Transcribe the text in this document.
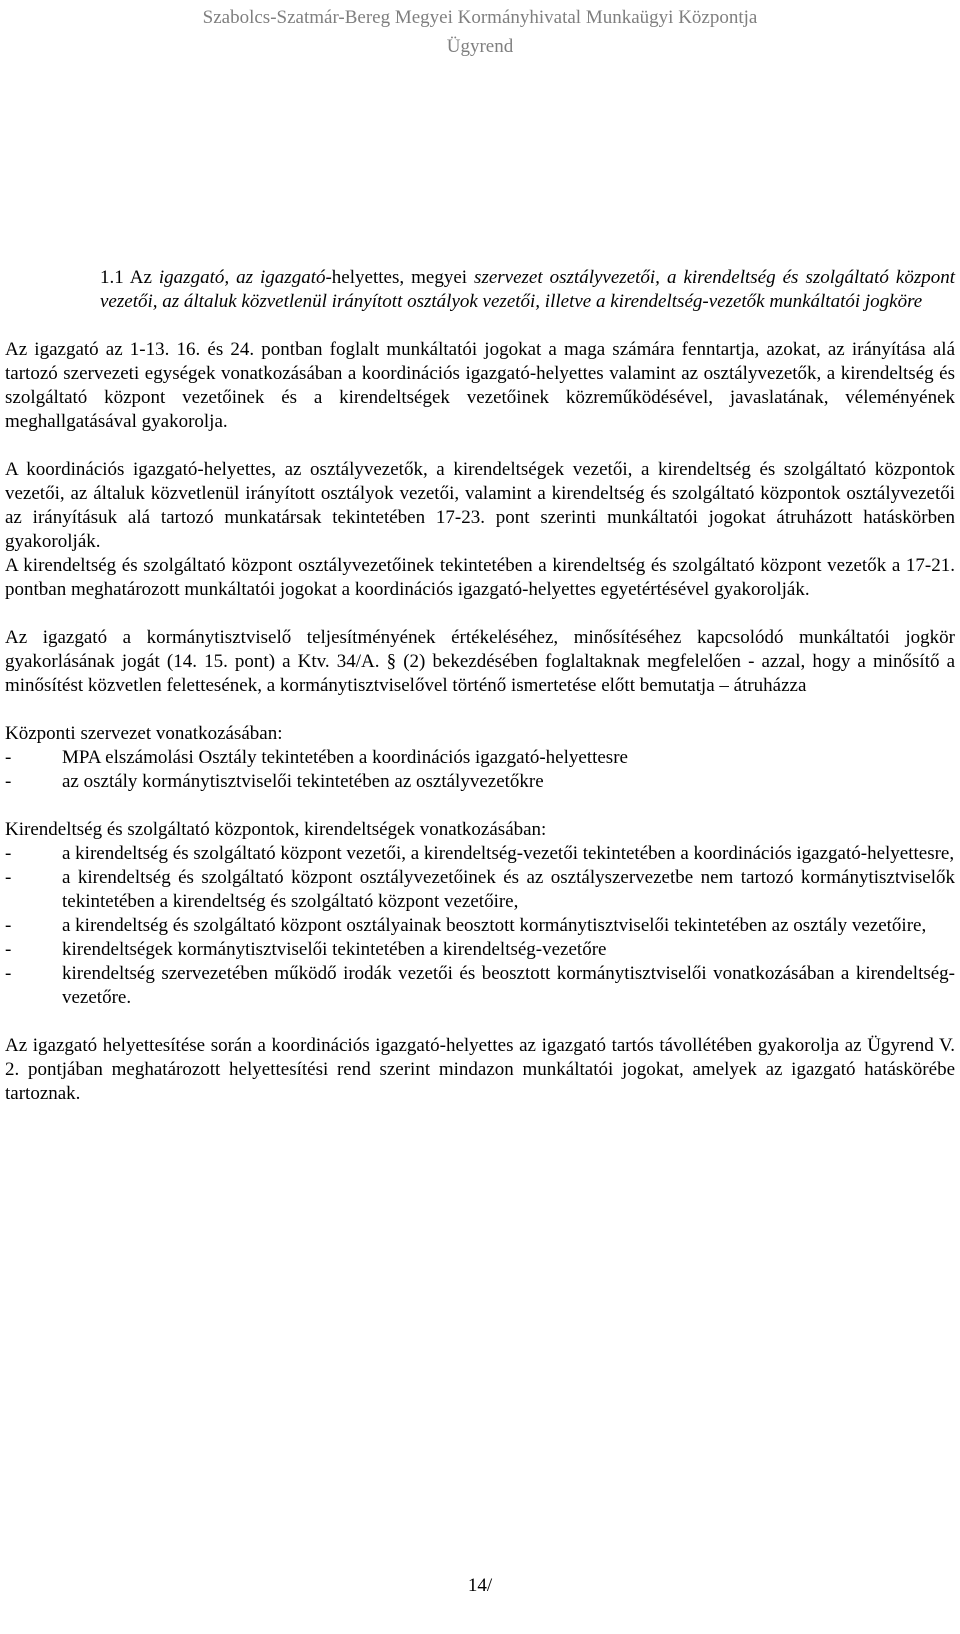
Szabolcs-Szatmár-Bereg Megyei Kormányhivatal Munkaügyi Központja
Ügyrend

1.1 Az igazgató, az igazgató-helyettes, megyei szervezet osztályvezetői, a kirendeltség és szolgáltató központ vezetői, az általuk közvetlenül irányított osztályok vezetői, illetve a kirendeltség-vezetők munkáltatói jogköre

Az igazgató az 1-13. 16. és 24. pontban foglalt munkáltatói jogokat a maga számára fenntartja, azokat, az irányítása alá tartozó szervezeti egységek vonatkozásában a koordinációs igazgató-helyettes valamint az osztályvezetők, a kirendeltség és szolgáltató központ vezetőinek és a kirendeltségek vezetőinek közreműködésével, javaslatának, véleményének meghallgatásával gyakorolja.

A koordinációs igazgató-helyettes, az osztályvezetők, a kirendeltségek vezetői, a kirendeltség és szolgáltató központok vezetői, az általuk közvetlenül irányított osztályok vezetői, valamint a kirendeltség és szolgáltató központok osztályvezetői az irányításuk alá tartozó munkatársak tekintetében 17-23. pont szerinti munkáltatói jogokat átruházott hatáskörben gyakorolják.

A kirendeltség és szolgáltató központ osztályvezetőinek tekintetében a kirendeltség és szolgáltató központ vezetők a 17-21. pontban meghatározott munkáltatói jogokat a koordinációs igazgató-helyettes egyetértésével gyakorolják.

Az igazgató a kormánytisztviselő teljesítményének értékeléséhez, minősítéséhez kapcsolódó munkáltatói jogkör gyakorlásának jogát (14. 15. pont) a Ktv. 34/A. § (2) bekezdésében foglaltaknak megfelelően - azzal, hogy a minősítő a minősítést közvetlen felettesének, a kormánytisztviselővel történő ismertetése előtt bemutatja – átruházza

Központi szervezet vonatkozásában:

-	MPA elszámolási Osztály tekintetében a koordinációs igazgató-helyettesre
-	az osztály kormánytisztviselői tekintetében az osztályvezetőkre

Kirendeltség és szolgáltató központok, kirendeltségek vonatkozásában:

-	a kirendeltség és szolgáltató központ vezetői, a kirendeltség-vezetői tekintetében a koordinációs igazgató-helyettesre,
-	a kirendeltség és szolgáltató központ osztályvezetőinek és az osztályszervezetbe nem tartozó kormánytisztviselők tekintetében a kirendeltség és szolgáltató központ vezetőire,
-	a kirendeltség és szolgáltató központ osztályainak beosztott kormánytisztviselői tekintetében az osztály vezetőire,
-	kirendeltségek kormánytisztviselői tekintetében a kirendeltség-vezetőre
-	kirendeltség szervezetében működő irodák vezetői és beosztott kormánytisztviselői vonatkozásában a kirendeltség-vezetőre.

Az igazgató helyettesítése során a koordinációs igazgató-helyettes az igazgató tartós távollétében gyakorolja az Ügyrend V. 2. pontjában meghatározott helyettesítési rend szerint mindazon munkáltatói jogokat, amelyek az igazgató hatáskörébe tartoznak.

14/
